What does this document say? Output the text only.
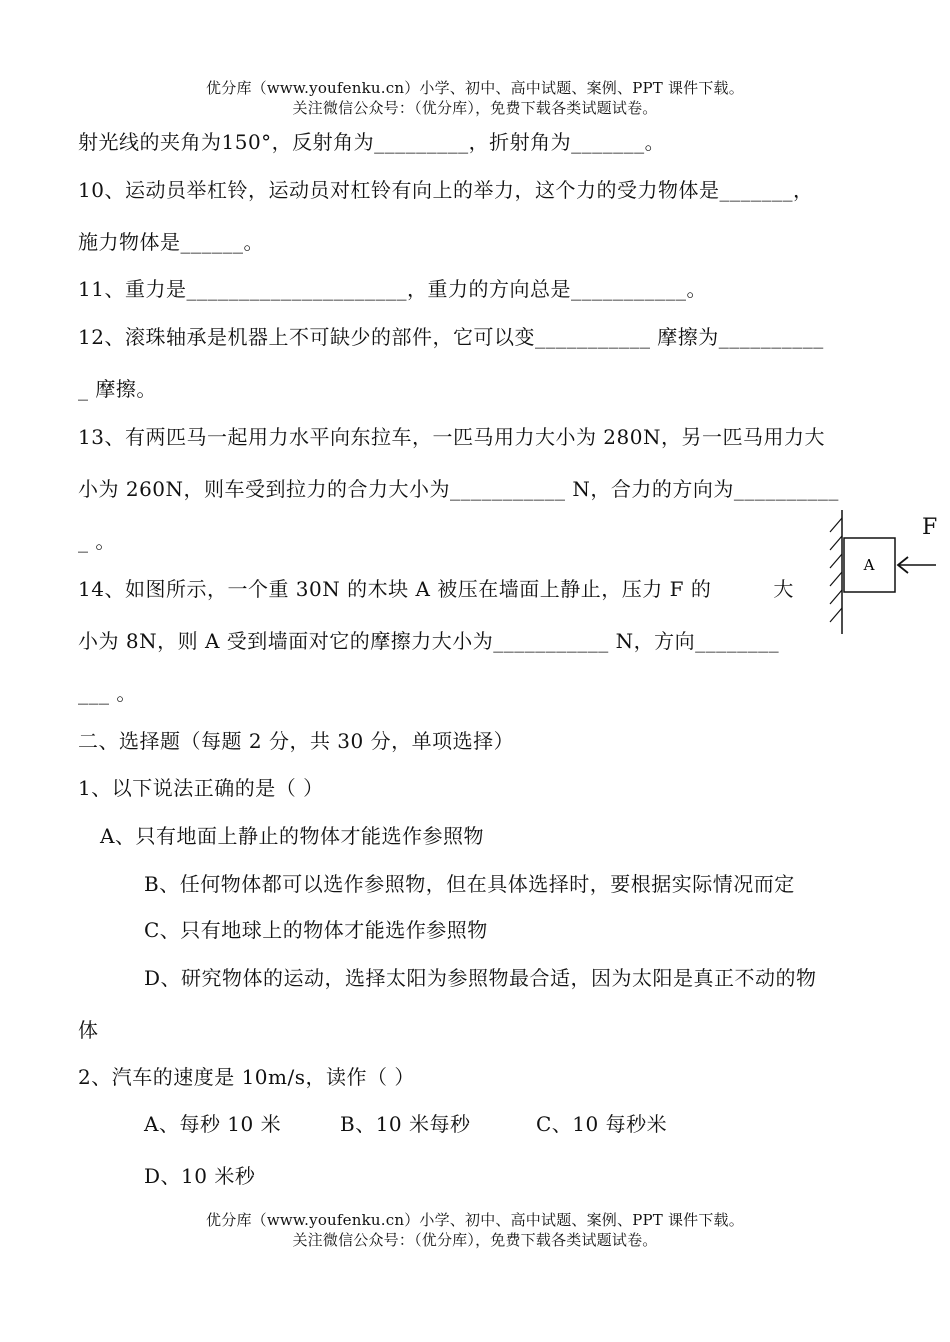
优分库（www.youfenku.cn）小学、初中、高中试题、案例、PPT 课件下载。
关注微信公众号：（优分库），免费下载各类试题试卷。
射光线的夹角为150°，反射角为_________，折射角为_______。
10、运动员举杠铃，运动员对杠铃有向上的举力，这个力的受力物体是_______，
施力物体是______。
11、重力是_____________________，重力的方向总是___________。
12、滚珠轴承是机器上不可缺少的部件，它可以变___________ 摩擦为__________
_ 摩擦。
13、有两匹马一起用力水平向东拉车，一匹马用力大小为 280N，另一匹马用力大
小为 260N，则车受到拉力的合力大小为___________ N，合力的方向为__________
_ 。
14、如图所示，一个重 30N 的木块 A 被压在墙面上静止，压力 F 的	大
小为 8N，则 A 受到墙面对它的摩擦力大小为___________ N，方向________
___ 。
A
F
二、选择题（每题 2 分，共 30 分，单项选择）
1、以下说法正确的是（ ）
A、只有地面上静止的物体才能选作参照物
B、任何物体都可以选作参照物，但在具体选择时，要根据实际情况而定
C、只有地球上的物体才能选作参照物
D、研究物体的运动，选择太阳为参照物最合适，因为太阳是真正不动的物
体
2、汽车的速度是 10m/s，读作（ ）
A、每秒 10 米	B、10 米每秒	C、10 每秒米
D、10 米秒
优分库（www.youfenku.cn）小学、初中、高中试题、案例、PPT 课件下载。
关注微信公众号：（优分库），免费下载各类试题试卷。
